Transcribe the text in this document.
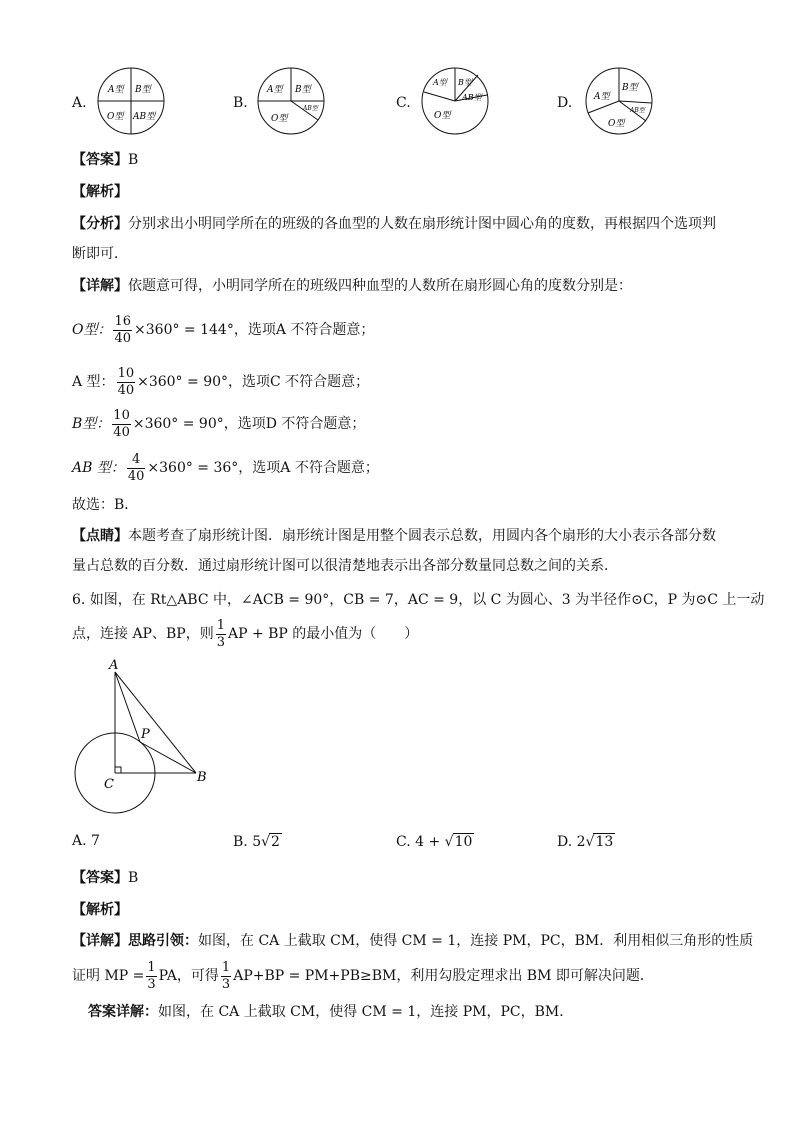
A.
A型 B型
O型 AB型
B.
A型 B型
AB型
O型
C.
A型 B型
AB型
O型
D. A型
B型
AB型
O型
【答案】B
【解析】
【分析】分别求出小明同学所在的班级的各血型的人数在扇形统计图中圆心角的度数，再根据四个选项判
断即可．
【详解】依题意可得，小明同学所在的班级四种血型的人数所在扇形圆心角的度数分别是：
O型： $\frac{16}{40} \times 360^\circ = 144^\circ$，选项A 不符合题意；
A 型： $\frac{10}{40} \times 360^\circ = 90^\circ$，选项C 不符合题意；
B型： $\frac{10}{40} \times 360^\circ = 90^\circ$，选项D 不符合题意；
AB 型： $\frac{4}{40} \times 360^\circ = 36^\circ$，选项A 不符合题意；
故选：B．
【点睛】本题考查了扇形统计图．扇形统计图是用整个圆表示总数，用圆内各个扇形的大小表示各部分数
量占总数的百分数．通过扇形统计图可以很清楚地表示出各部分数量同总数之间的关系．
6. 如图，在 Rt△ABC 中，∠ACB = 90°，CB = 7，AC = 9，以 C 为圆心、3 为半径作⊙C，P 为⊙C 上一动
点，连接 AP、BP，则 $\frac{1}{3}$ AP + BP 的最小值为（　　）
A
P
C	B
A. 7	B. 5√2	C. 4 + √10	D. 2√13
【答案】B
【解析】
【详解】思路引领：如图，在 CA 上截取 CM，使得 CM = 1，连接 PM，PC，BM．利用相似三角形的性质
证明 MP = $\frac{1}{3}$ PA，可得 $\frac{1}{3} AP+BP = PM+PB\ge BM$，利用勾股定理求出 BM 即可解决问题．
答案详解：如图，在 CA 上截取 CM，使得 CM = 1，连接 PM，PC，BM．
